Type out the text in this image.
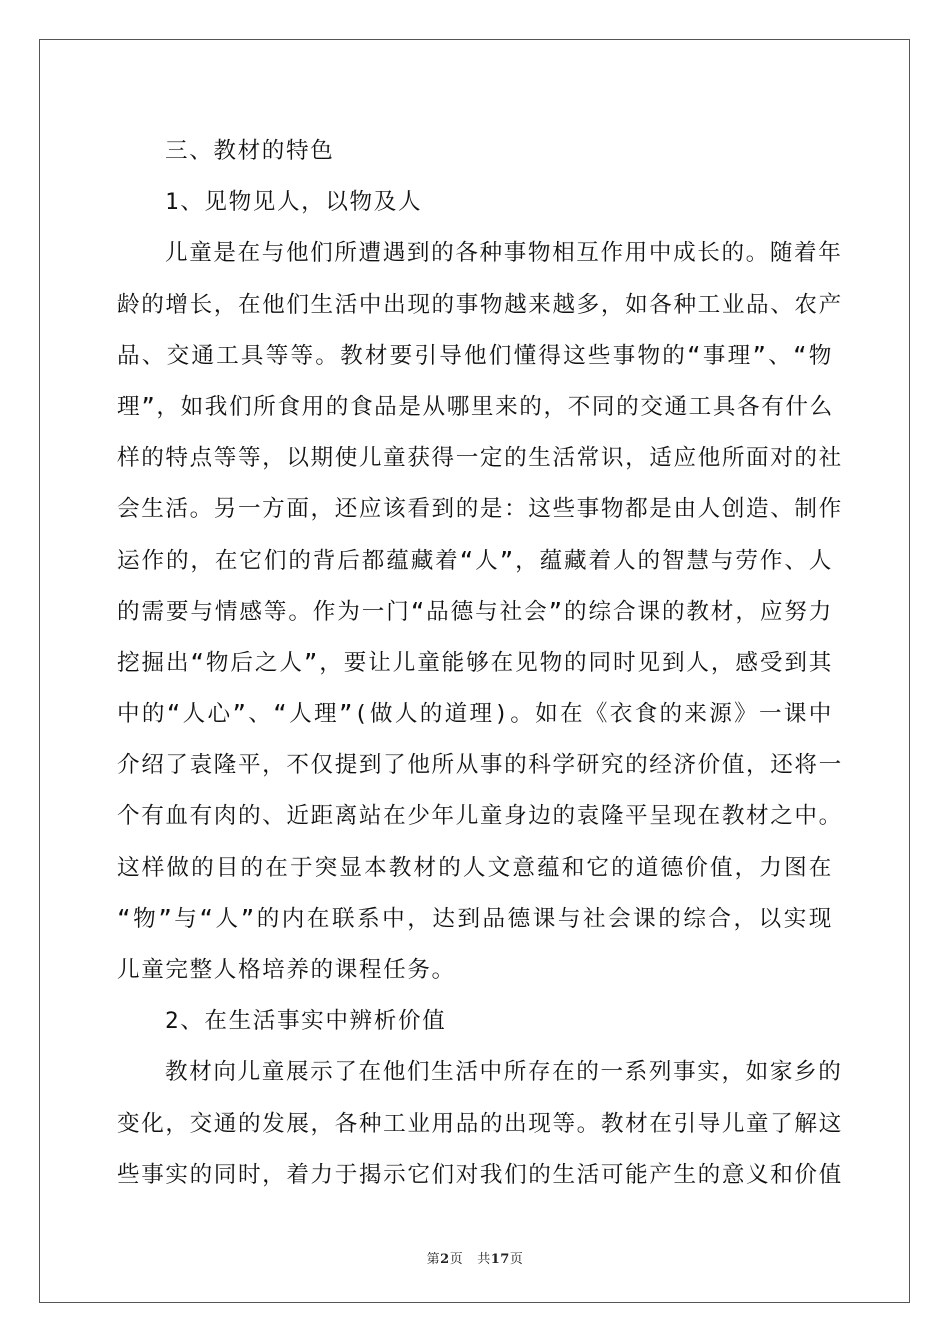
三、教材的特色
1、见物见人，以物及人
儿童是在与他们所遭遇到的各种事物相互作用中成长的。随着年
龄的增长，在他们生活中出现的事物越来越多，如各种工业品、农产
品、交通工具等等。教材要引导他们懂得这些事物的“事理”、“物
理”，如我们所食用的食品是从哪里来的，不同的交通工具各有什么
样的特点等等，以期使儿童获得一定的生活常识，适应他所面对的社
会生活。另一方面，还应该看到的是：这些事物都是由人创造、制作
运作的，在它们的背后都蕴藏着“人”，蕴藏着人的智慧与劳作、人
的需要与情感等。作为一门“品德与社会”的综合课的教材，应努力
挖掘出“物后之人”，要让儿童能够在见物的同时见到人，感受到其
中的“人心”、“人理”(做人的道理)。如在《衣食的来源》一课中
介绍了袁隆平，不仅提到了他所从事的科学研究的经济价值，还将一
个有血有肉的、近距离站在少年儿童身边的袁隆平呈现在教材之中。
这样做的目的在于突显本教材的人文意蕴和它的道德价值，力图在
“物”与“人”的内在联系中，达到品德课与社会课的综合，以实现
儿童完整人格培养的课程任务。
2、在生活事实中辨析价值
教材向儿童展示了在他们生活中所存在的一系列事实，如家乡的
变化，交通的发展，各种工业用品的出现等。教材在引导儿童了解这
些事实的同时，着力于揭示它们对我们的生活可能产生的意义和价值
第2页 共17页
